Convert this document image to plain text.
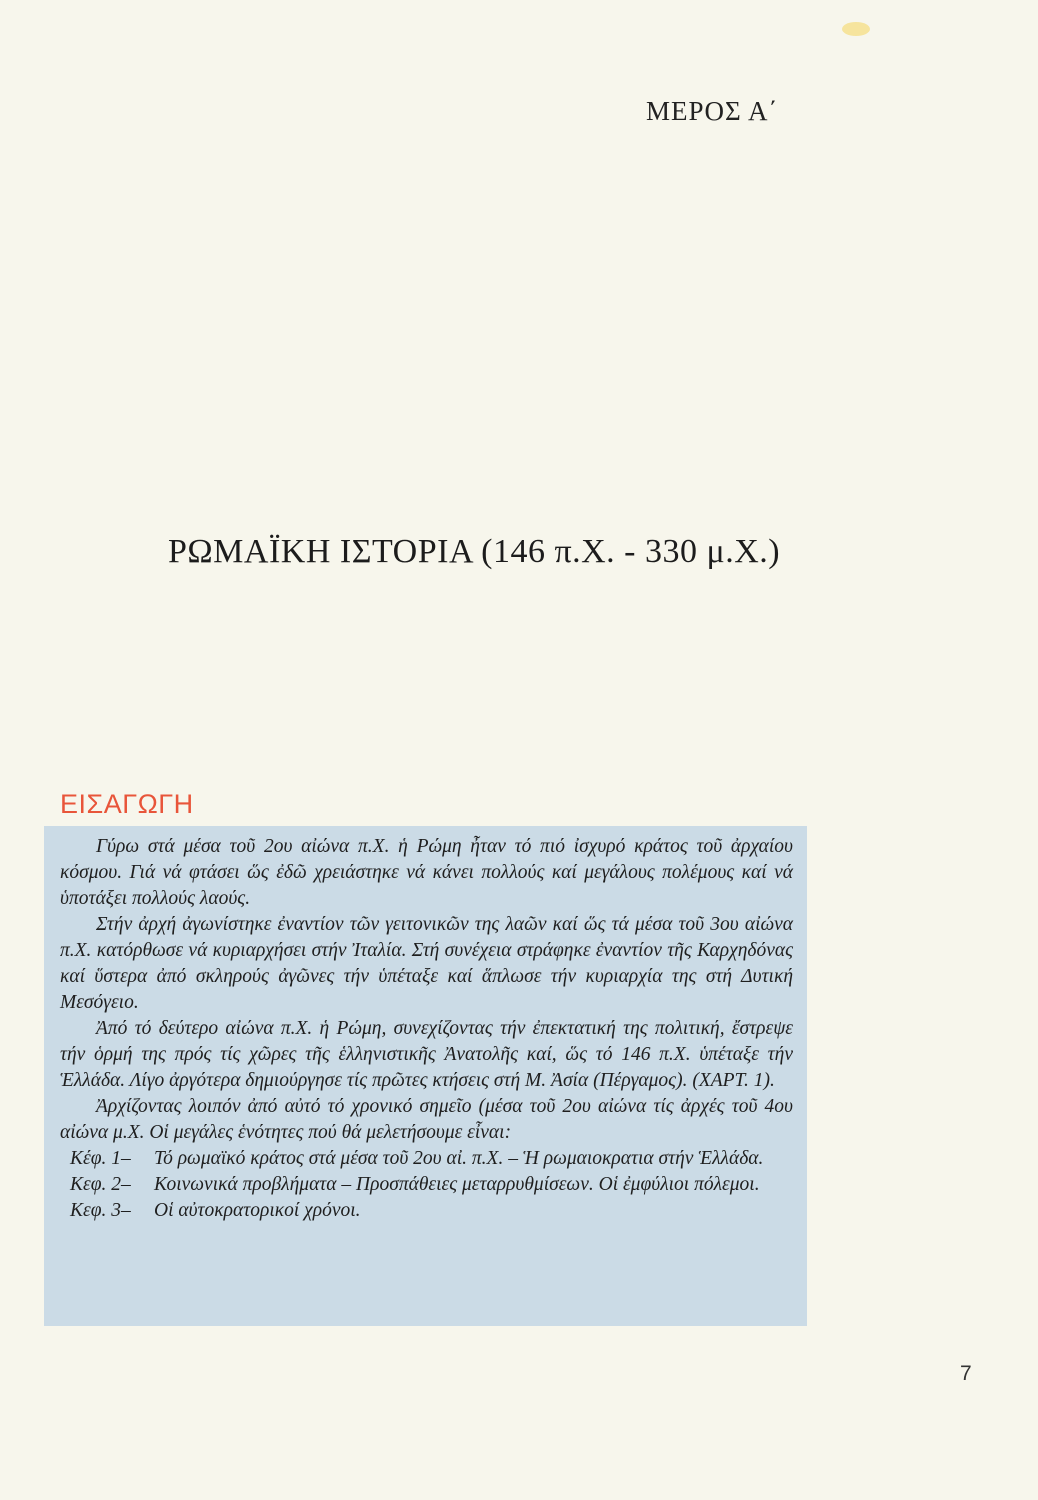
ΜΕΡΟΣ Α΄
ΡΩΜΑΪΚΗ ΙΣΤΟΡΙΑ (146 π.Χ. - 330 μ.Χ.)
ΕΙΣΑΓΩΓΗ

Γύρω στά μέσα τοῦ 2ου αἰώνα π.Χ. ἡ Ρώμη ἦταν τό πιό ἰσχυρό κράτος τοῦ ἀρχαίου κόσμου. Γιά νά φτάσει ὥς ἐδῶ χρειάστηκε νά κάνει πολλούς καί μεγάλους πολέμους καί νά ὑποτάξει πολλούς λαούς.

Στήν ἀρχή ἀγωνίστηκε ἐναντίον τῶν γειτονικῶν της λαῶν καί ὥς τά μέσα τοῦ 3ου αἰώνα π.Χ. κατόρθωσε νά κυριαρχήσει στήν Ἰταλία. Στή συνέχεια στράφηκε ἐναντίον τῆς Καρχηδόνας καί ὕστερα ἀπό σκληρούς ἀγῶνες τήν ὑπέταξε καί ἅπλωσε τήν κυριαρχία της στή Δυτική Μεσόγειο.

Ἀπό τό δεύτερο αἰώνα π.Χ. ἡ Ρώμη, συνεχίζοντας τήν ἐπεκτατική της πολιτική, ἔστρεψε τήν ὁρμή της πρός τίς χῶρες τῆς ἑλληνιστικῆς Ἀνατολῆς καί, ὥς τό 146 π.Χ. ὑπέταξε τήν Ἑλλάδα. Λίγο ἀργότερα δημιούργησε τίς πρῶτες κτήσεις στή Μ. Ἀσία (Πέργαμος). (ΧΑΡΤ. 1).

Ἀρχίζοντας λοιπόν ἀπό αὐτό τό χρονικό σημεῖο (μέσα τοῦ 2ου αἰώνα τίς ἀρχές τοῦ 4ου αἰώνα μ.Χ. Οἱ μεγάλες ἑνότητες πού θά μελετήσουμε εἶναι:

Κέφ. 1–	Τό ρωμαϊκό κράτος στά μέσα τοῦ 2ου αἰ. π.Χ. – Ἡ ρωμαιοκρατια στήν Ἑλλάδα.
Κεφ. 2–	Κοινωνικά προβλήματα – Προσπάθειες μεταρρυθμίσεων. Οἱ ἐμφύλιοι πόλεμοι.
Κεφ. 3–	Οἱ αὐτοκρατορικοί χρόνοι.
7
